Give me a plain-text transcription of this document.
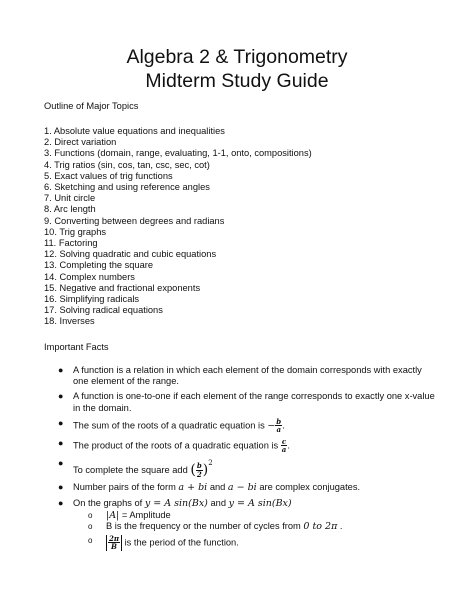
Algebra 2 & Trigonometry
Midterm Study Guide
Outline of Major Topics
1. Absolute value equations and inequalities
2. Direct variation
3. Functions (domain, range, evaluating, 1-1, onto, compositions)
4. Trig ratios (sin, cos, tan, csc, sec, cot)
5. Exact values of trig functions
6. Sketching and using reference angles
7. Unit circle
8. Arc length
9. Converting between degrees and radians
10. Trig graphs
11. Factoring
12. Solving quadratic and cubic equations
13. Completing the square
14. Complex numbers
15. Negative and fractional exponents
16. Simplifying radicals
17. Solving radical equations
18. Inverses
Important Facts
● A function is a relation in which each element of the domain corresponds with exactly one element of the range.
● A function is one-to-one if each element of the range corresponds to exactly one x-value in the domain.
● The sum of the roots of a quadratic equation is − $\frac{b}{a}$ .
● The product of the roots of a quadratic equation is $\frac{c}{a}$ .
●
To complete the square add ( $\frac{b}{2} )^2$
● Number pairs of the form a + bi and a − bi are complex conjugates.
● On the graphs of y = A sin(Bx) and y = A sin(Bx)
o |A| = Amplitude
o B is the frequency or the number of cycles from 0 to 2π .
o $\frac{2\pi}{B}$ is the period of the function.
